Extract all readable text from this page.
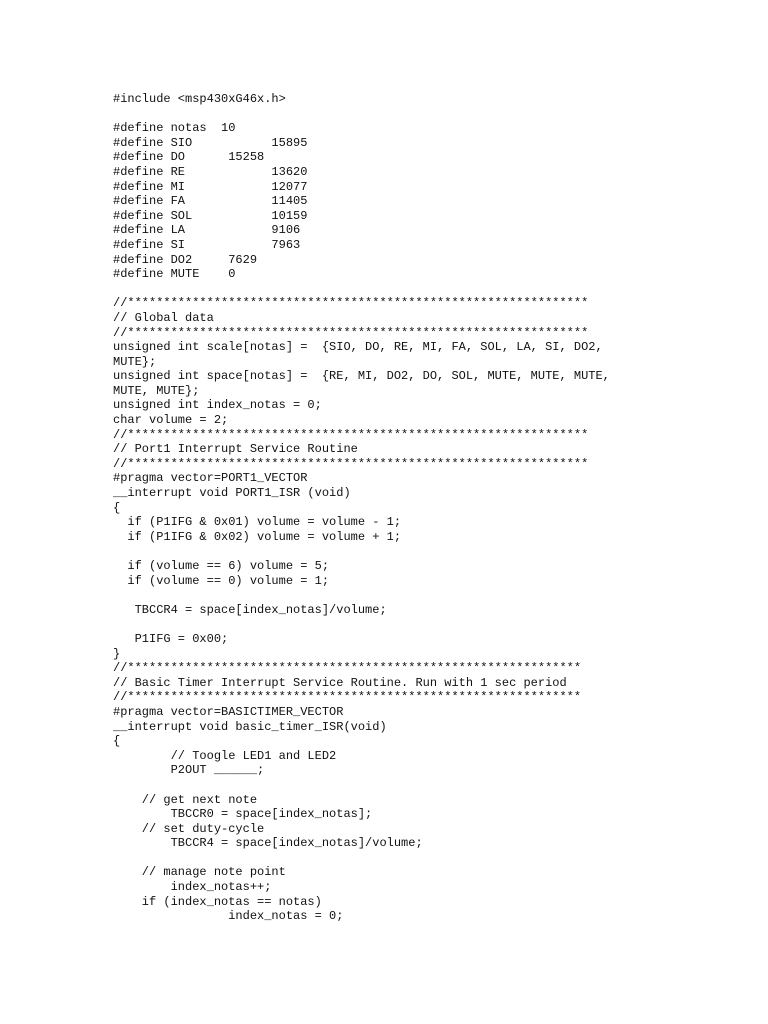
#include <msp430xG46x.h>
#define notas  10
#define SIO           15895
#define DO      15258
#define RE            13620
#define MI            12077
#define FA            11405
#define SOL           10159
#define LA            9106
#define SI            7963
#define DO2     7629
#define MUTE    0
//****************************************************************
// Global data
//****************************************************************
unsigned int scale[notas] =  {SIO, DO, RE, MI, FA, SOL, LA, SI, DO2,
MUTE};
unsigned int space[notas] =  {RE, MI, DO2, DO, SOL, MUTE, MUTE, MUTE,
MUTE, MUTE};
unsigned int index_notas = 0;
char volume = 2;
//****************************************************************
// Port1 Interrupt Service Routine
//****************************************************************
#pragma vector=PORT1_VECTOR
__interrupt void PORT1_ISR (void)
{
if (P1IFG & 0x01) volume = volume - 1;
if (P1IFG & 0x02) volume = volume + 1;
if (volume == 6) volume = 5;
if (volume == 0) volume = 1;
TBCCR4 = space[index_notas]/volume;
P1IFG = 0x00;
}
//***************************************************************
// Basic Timer Interrupt Service Routine. Run with 1 sec period
//***************************************************************
#pragma vector=BASICTIMER_VECTOR
__interrupt void basic_timer_ISR(void)
{
// Toogle LED1 and LED2
P2OUT ______;
// get next note
TBCCR0 = space[index_notas];
// set duty-cycle
TBCCR4 = space[index_notas]/volume;
// manage note point
index_notas++;
if (index_notas == notas)
index_notas = 0;
